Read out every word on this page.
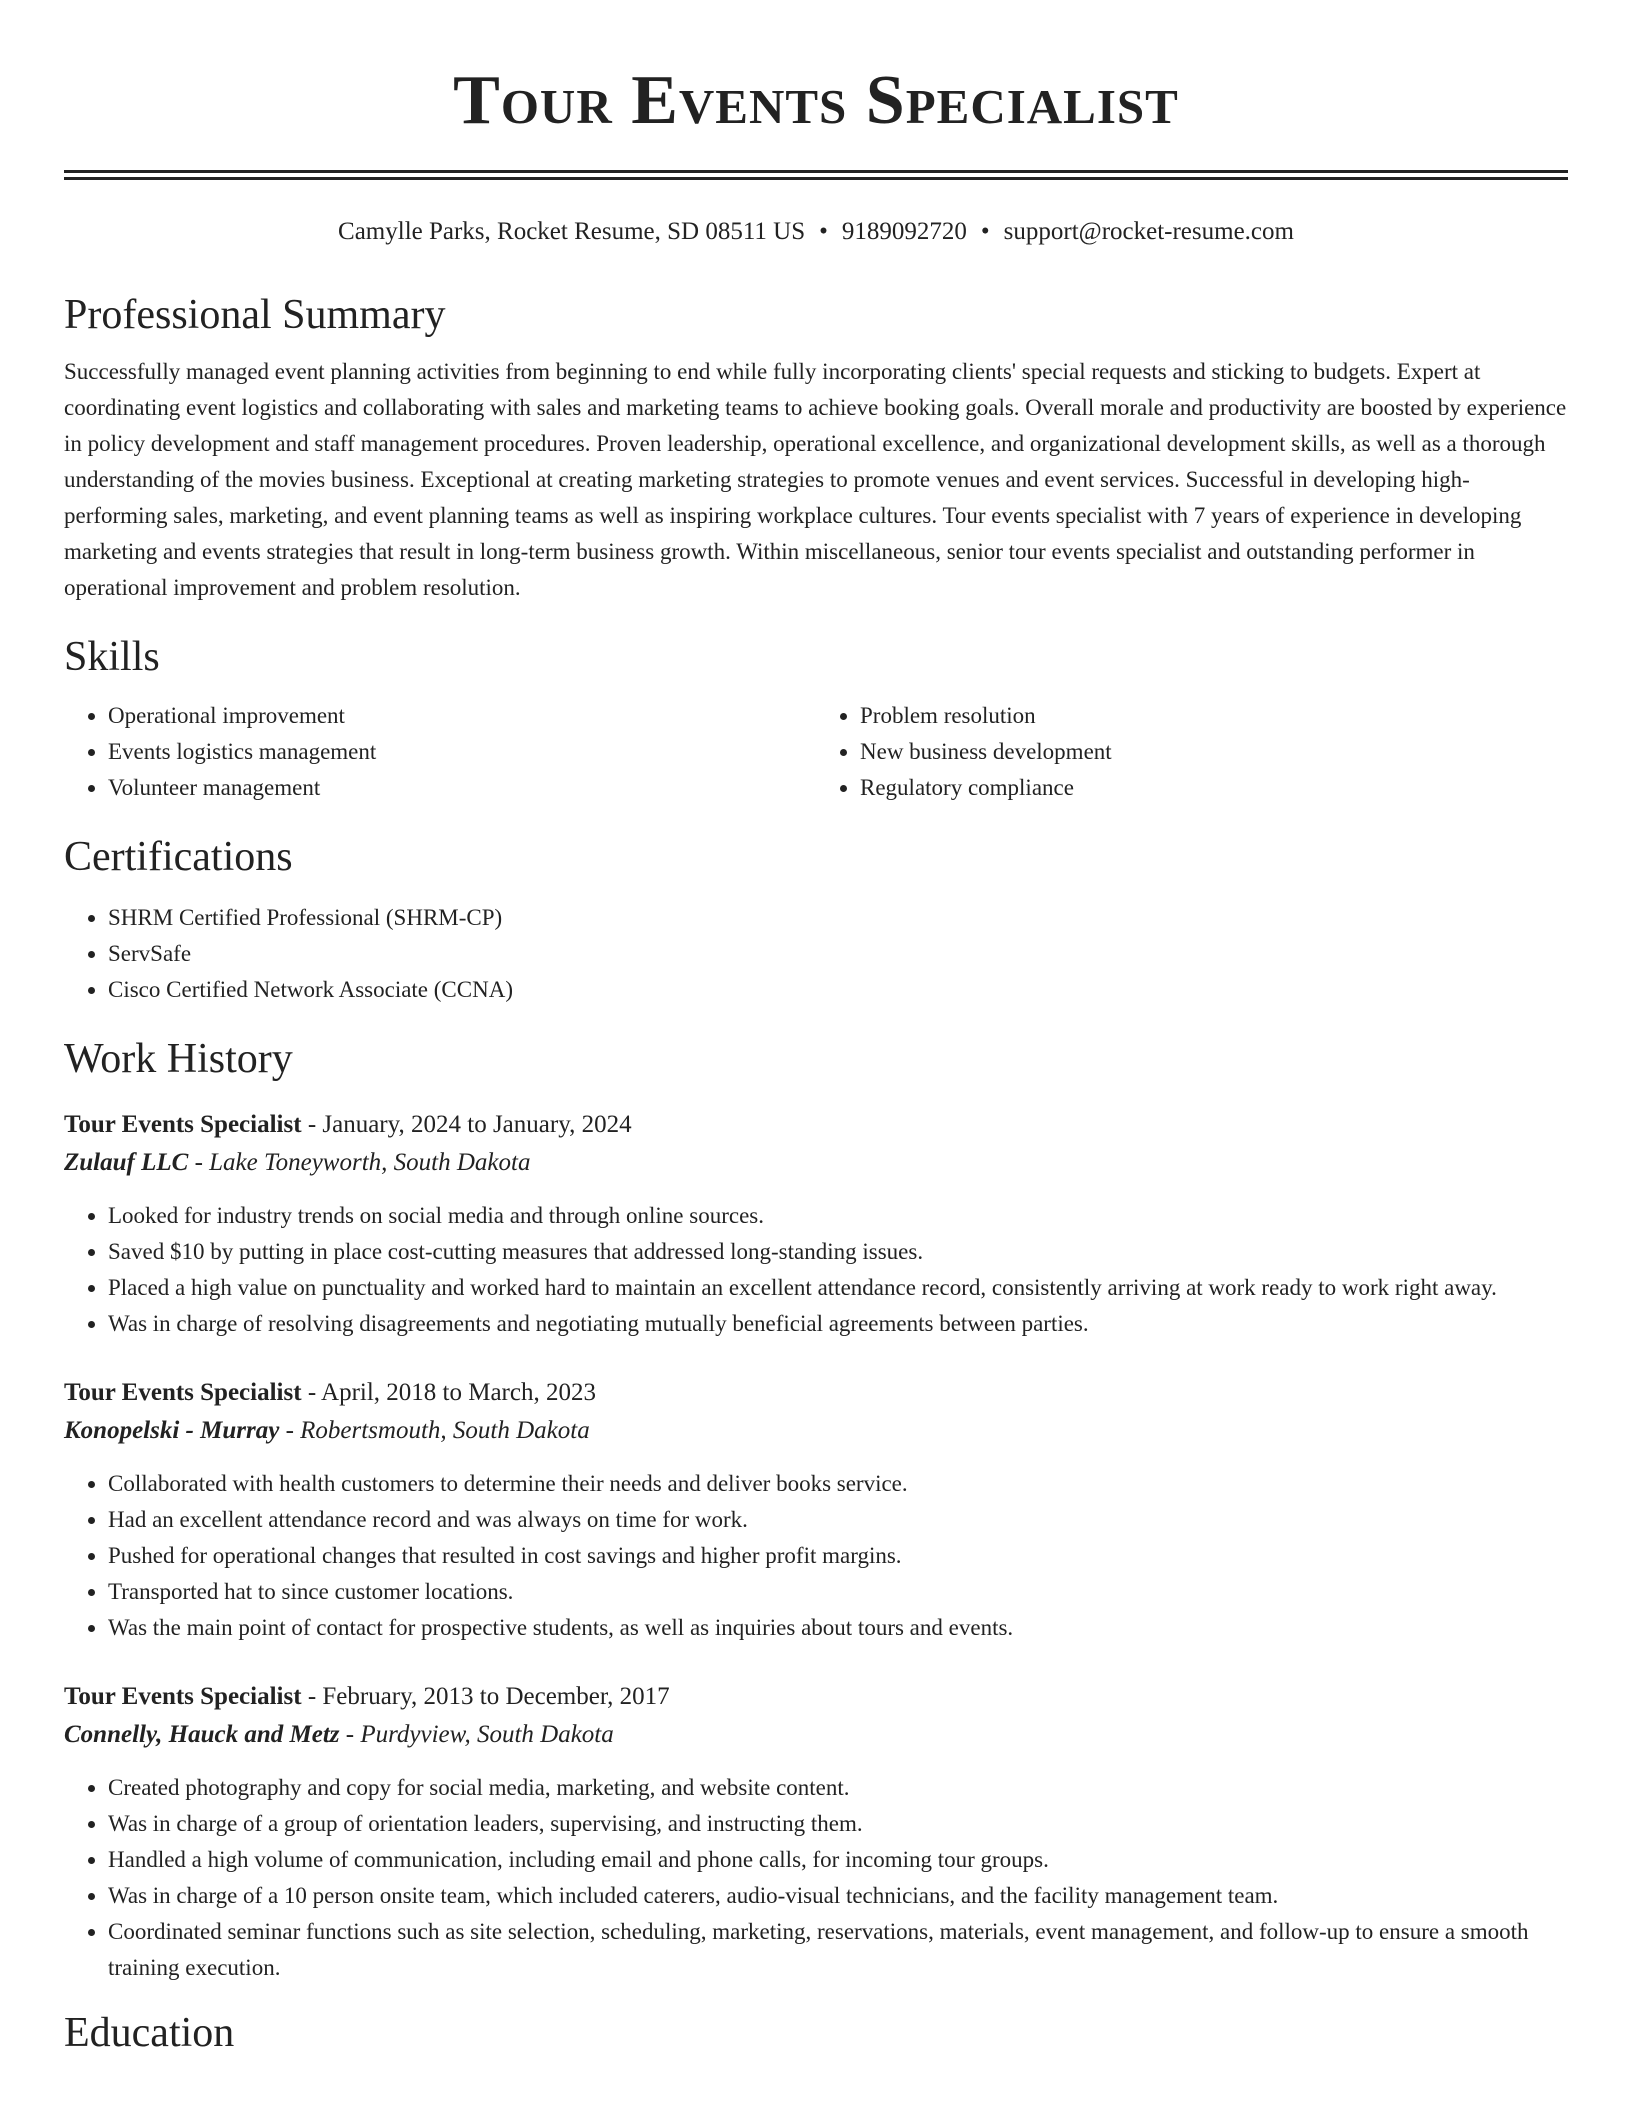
Tour Events Specialist
Camylle Parks, Rocket Resume, SD 08511 US • 9189092720 • support@rocket-resume.com
Professional Summary

Successfully managed event planning activities from beginning to end while fully incorporating clients' special requests and sticking to budgets. Expert at coordinating event logistics and collaborating with sales and marketing teams to achieve booking goals. Overall morale and productivity are boosted by experience in policy development and staff management procedures. Proven leadership, operational excellence, and organizational development skills, as well as a thorough understanding of the movies business. Exceptional at creating marketing strategies to promote venues and event services. Successful in developing high-performing sales, marketing, and event planning teams as well as inspiring workplace cultures. Tour events specialist with 7 years of experience in developing marketing and events strategies that result in long-term business growth. Within miscellaneous, senior tour events specialist and outstanding performer in operational improvement and problem resolution.

Skills
• Operational improvement
• Events logistics management
• Volunteer management
• Problem resolution
• New business development
• Regulatory compliance
Certifications
• SHRM Certified Professional (SHRM-CP)
• ServSafe
• Cisco Certified Network Associate (CCNA)
Work History
Tour Events Specialist - January, 2024 to January, 2024
Zulauf LLC - Lake Toneyworth, South Dakota
• Looked for industry trends on social media and through online sources.
• Saved $10 by putting in place cost-cutting measures that addressed long-standing issues.
• Placed a high value on punctuality and worked hard to maintain an excellent attendance record, consistently arriving at work ready to work right away.
• Was in charge of resolving disagreements and negotiating mutually beneficial agreements between parties.
Tour Events Specialist - April, 2018 to March, 2023
Konopelski - Murray - Robertsmouth, South Dakota
• Collaborated with health customers to determine their needs and deliver books service.
• Had an excellent attendance record and was always on time for work.
• Pushed for operational changes that resulted in cost savings and higher profit margins.
• Transported hat to since customer locations.
• Was the main point of contact for prospective students, as well as inquiries about tours and events.
Tour Events Specialist - February, 2013 to December, 2017
Connelly, Hauck and Metz - Purdyview, South Dakota
• Created photography and copy for social media, marketing, and website content.
• Was in charge of a group of orientation leaders, supervising, and instructing them.
• Handled a high volume of communication, including email and phone calls, for incoming tour groups.
• Was in charge of a 10 person onsite team, which included caterers, audio-visual technicians, and the facility management team.
• Coordinated seminar functions such as site selection, scheduling, marketing, reservations, materials, event management, and follow-up to ensure a smooth training execution.
Education
